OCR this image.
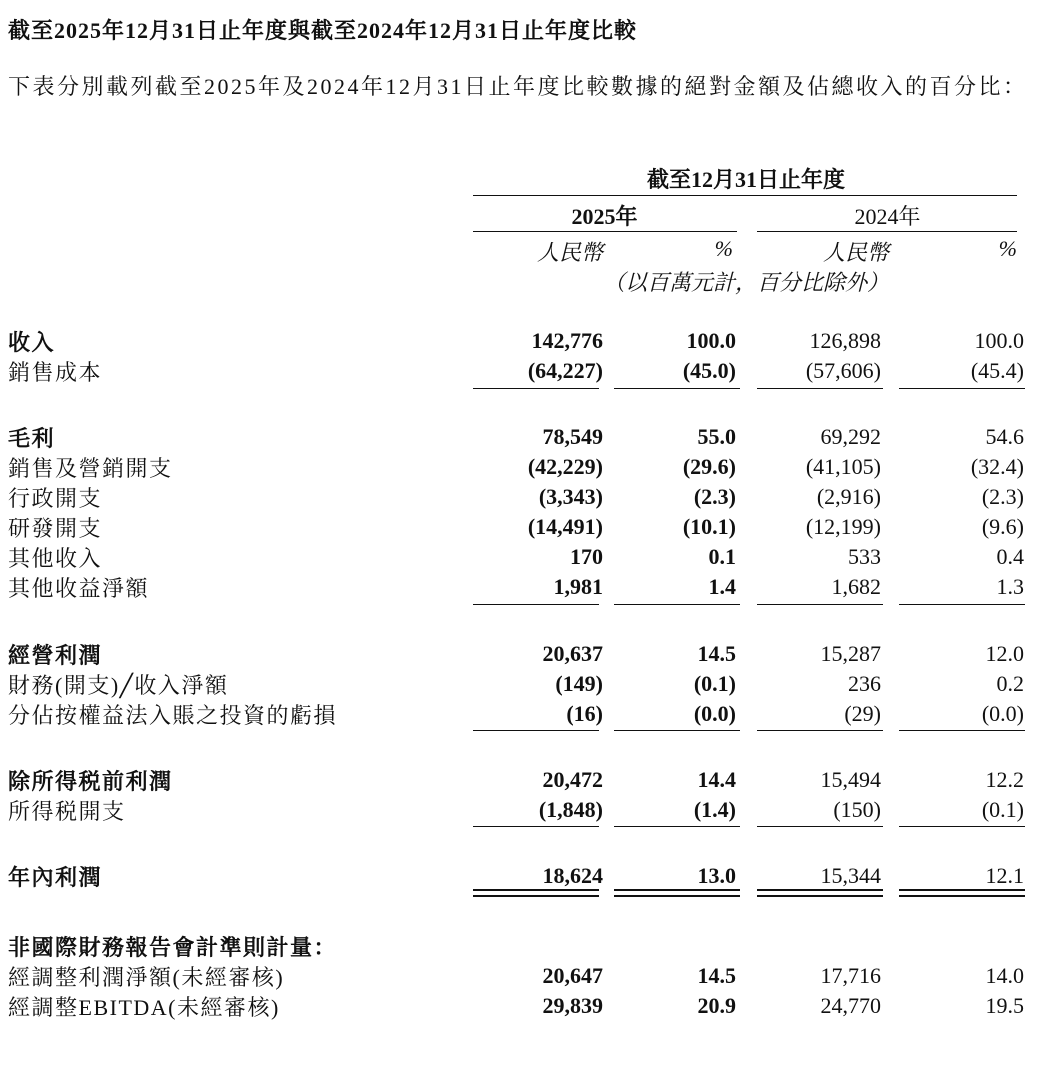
截至2025年12月31日止年度與截至2024年12月31日止年度比較
下表分別載列截至2025年及2024年12月31日止年度比較數據的絕對金額及佔總收入的百分比：
截至12月31日止年度
2025年	2024年
人民幣	%	人民幣	%
（以百萬元計，百分比除外）
收入	142,776	100.0	126,898	100.0
銷售成本	(64,227)	(45.0)	(57,606)	(45.4)
毛利	78,549	55.0	69,292	54.6
銷售及營銷開支	(42,229)	(29.6)	(41,105)	(32.4)
行政開支	(3,343)	(2.3)	(2,916)	(2.3)
研發開支	(14,491)	(10.1)	(12,199)	(9.6)
其他收入	170	0.1	533	0.4
其他收益淨額	1,981	1.4	1,682	1.3
經營利潤	20,637	14.5	15,287	12.0
財務(開支)╱收入淨額	(149)	(0.1)	236	0.2
分佔按權益法入賬之投資的虧損	(16)	(0.0)	(29)	(0.0)
除所得税前利潤	20,472	14.4	15,494	12.2
所得税開支	(1,848)	(1.4)	(150)	(0.1)
年內利潤	18,624	13.0	15,344	12.1
非國際財務報告會計準則計量：
經調整利潤淨額(未經審核)	20,647	14.5	17,716	14.0
經調整EBITDA(未經審核)	29,839	20.9	24,770	19.5
